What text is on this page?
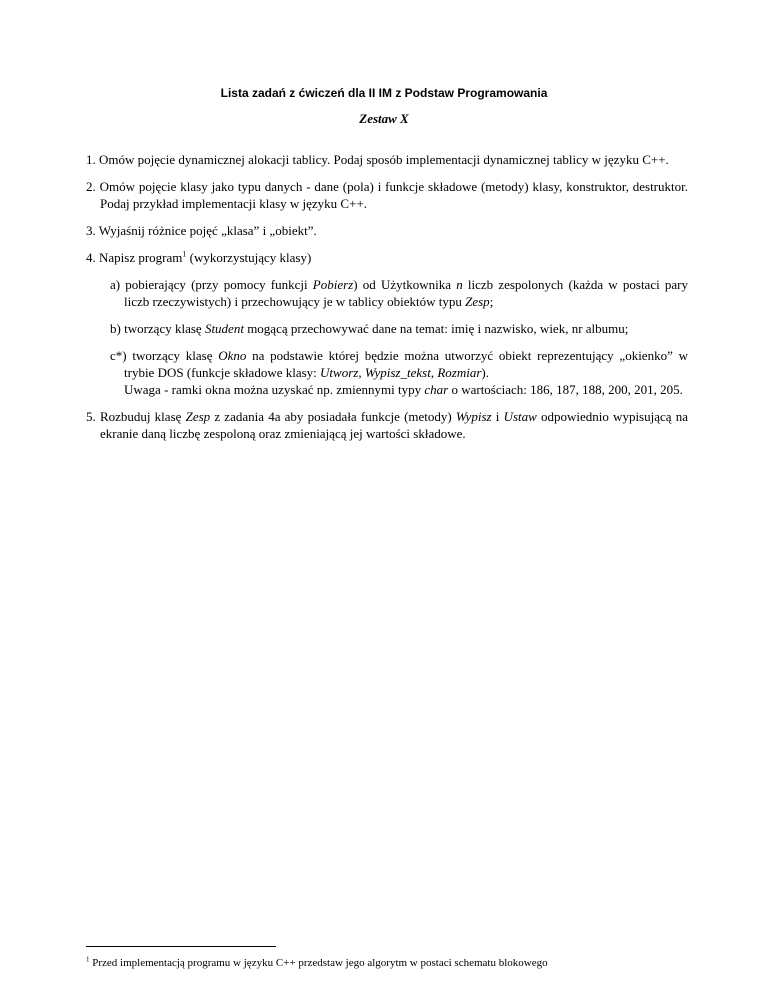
Lista zadań z ćwiczeń dla II IM z Podstaw Programowania
Zestaw X

1. Omów pojęcie dynamicznej alokacji tablicy. Podaj sposób implementacji dynamicznej tablicy w języku C++.

2. Omów pojęcie klasy jako typu danych - dane (pola) i funkcje składowe (metody) klasy, konstruktor, destruktor. Podaj przykład implementacji klasy w języku C++.

3. Wyjaśnij różnice pojęć „klasa” i „obiekt”.

4. Napisz program$^1$ (wykorzystujący klasy)

a) pobierający (przy pomocy funkcji Pobierz) od Użytkownika n liczb zespolonych (każda w postaci pary liczb rzeczywistych) i przechowujący je w tablicy obiektów typu Zesp;

b) tworzący klasę Student mogącą przechowywać dane na temat: imię i nazwisko, wiek, nr albumu;

c*) tworzący klasę Okno na podstawie której będzie można utworzyć obiekt reprezentujący „okienko” w trybie DOS (funkcje składowe klasy: Utworz, Wypisz_tekst, Rozmiar).
Uwaga - ramki okna można uzyskać np. zmiennymi typy char o wartościach: 186, 187, 188, 200, 201, 205.

5. Rozbuduj klasę Zesp z zadania 4a aby posiadała funkcje (metody) Wypisz i Ustaw odpowiednio wypisującą na ekranie daną liczbę zespoloną oraz zmieniającą jej wartości składowe.

$^1$ Przed implementacją programu w języku C++ przedstaw jego algorytm w postaci schematu blokowego
